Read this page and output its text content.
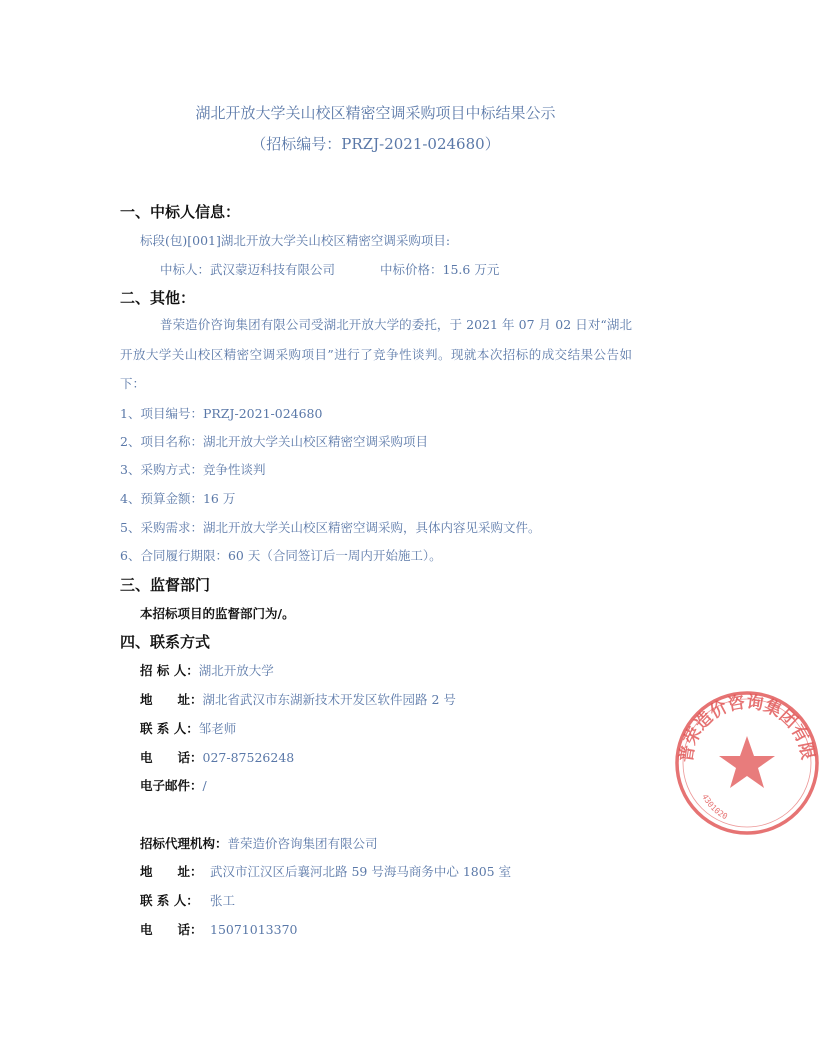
湖北开放大学关山校区精密空调采购项目中标结果公示
（招标编号：PRZJ-2021-024680）
一、中标人信息：
标段(包)[001]湖北开放大学关山校区精密空调采购项目:
中标人：武汉蒙迈科技有限公司	中标价格：15.6 万元
二、其他：
普荣造价咨询集团有限公司受湖北开放大学的委托，于 2021 年 07 月 02 日对“湖北开放大学关山校区精密空调采购项目”进行了竞争性谈判。现就本次招标的成交结果公告如下：
1、项目编号：PRZJ-2021-024680
2、项目名称：湖北开放大学关山校区精密空调采购项目
3、采购方式：竞争性谈判
4、预算金额：16 万
5、采购需求：湖北开放大学关山校区精密空调采购，具体内容见采购文件。
6、合同履行期限：60 天（合同签订后一周内开始施工）。
三、监督部门
本招标项目的监督部门为/。
四、联系方式
招 标 人：湖北开放大学
地　　址：湖北省武汉市东湖新技术开发区软件园路 2 号
联 系 人：邹老师
电　　话：027-87526248
电子邮件：/
招标代理机构：普荣造价咨询集团有限公司
地　　址： 武汉市江汉区后襄河北路 59 号海马商务中心 1805 室
联 系 人： 张工
电　　话： 15071013370
普荣造价咨询集团有限公司
4301020
